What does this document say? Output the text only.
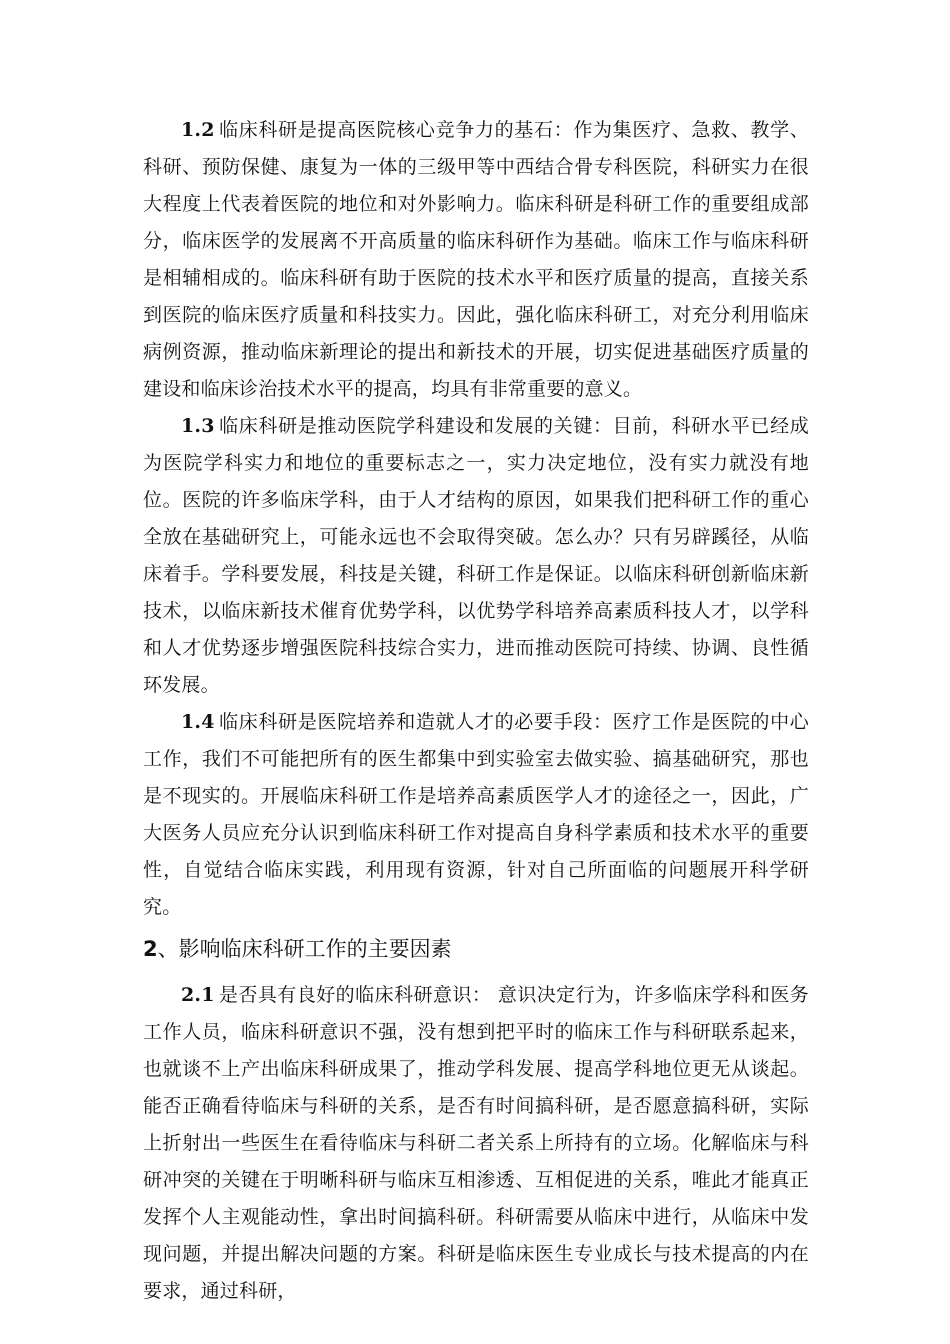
1.2 临床科研是提高医院核心竞争力的基石：作为集医疗、急救、教学、科研、预防保健、康复为一体的三级甲等中西结合骨专科医院，科研实力在很大程度上代表着医院的地位和对外影响力。临床科研是科研工作的重要组成部分，临床医学的发展离不开高质量的临床科研作为基础。临床工作与临床科研是相辅相成的。临床科研有助于医院的技术水平和医疗质量的提高，直接关系到医院的临床医疗质量和科技实力。因此，强化临床科研工，对充分利用临床病例资源，推动临床新理论的提出和新技术的开展，切实促进基础医疗质量的建设和临床诊治技术水平的提高，均具有非常重要的意义。

1.3 临床科研是推动医院学科建设和发展的关键：目前，科研水平已经成为医院学科实力和地位的重要标志之一，实力决定地位，没有实力就没有地位。医院的许多临床学科，由于人才结构的原因，如果我们把科研工作的重心全放在基础研究上，可能永远也不会取得突破。怎么办？只有另辟蹊径，从临床着手。学科要发展，科技是关键，科研工作是保证。以临床科研创新临床新技术，以临床新技术催育优势学科，以优势学科培养高素质科技人才，以学科和人才优势逐步增强医院科技综合实力，进而推动医院可持续、协调、良性循环发展。

1.4 临床科研是医院培养和造就人才的必要手段：医疗工作是医院的中心工作，我们不可能把所有的医生都集中到实验室去做实验、搞基础研究，那也是不现实的。开展临床科研工作是培养高素质医学人才的途径之一，因此，广大医务人员应充分认识到临床科研工作对提高自身科学素质和技术水平的重要性，自觉结合临床实践，利用现有资源，针对自己所面临的问题展开科学研究。

2、影响临床科研工作的主要因素

2.1 是否具有良好的临床科研意识： 意识决定行为，许多临床学科和医务工作人员，临床科研意识不强，没有想到把平时的临床工作与科研联系起来，也就谈不上产出临床科研成果了，推动学科发展、提高学科地位更无从谈起。能否正确看待临床与科研的关系，是否有时间搞科研，是否愿意搞科研，实际上折射出一些医生在看待临床与科研二者关系上所持有的立场。化解临床与科研冲突的关键在于明晰科研与临床互相渗透、互相促进的关系，唯此才能真正发挥个人主观能动性，拿出时间搞科研。科研需要从临床中进行，从临床中发现问题，并提出解决问题的方案。科研是临床医生专业成长与技术提高的内在要求，通过科研，
